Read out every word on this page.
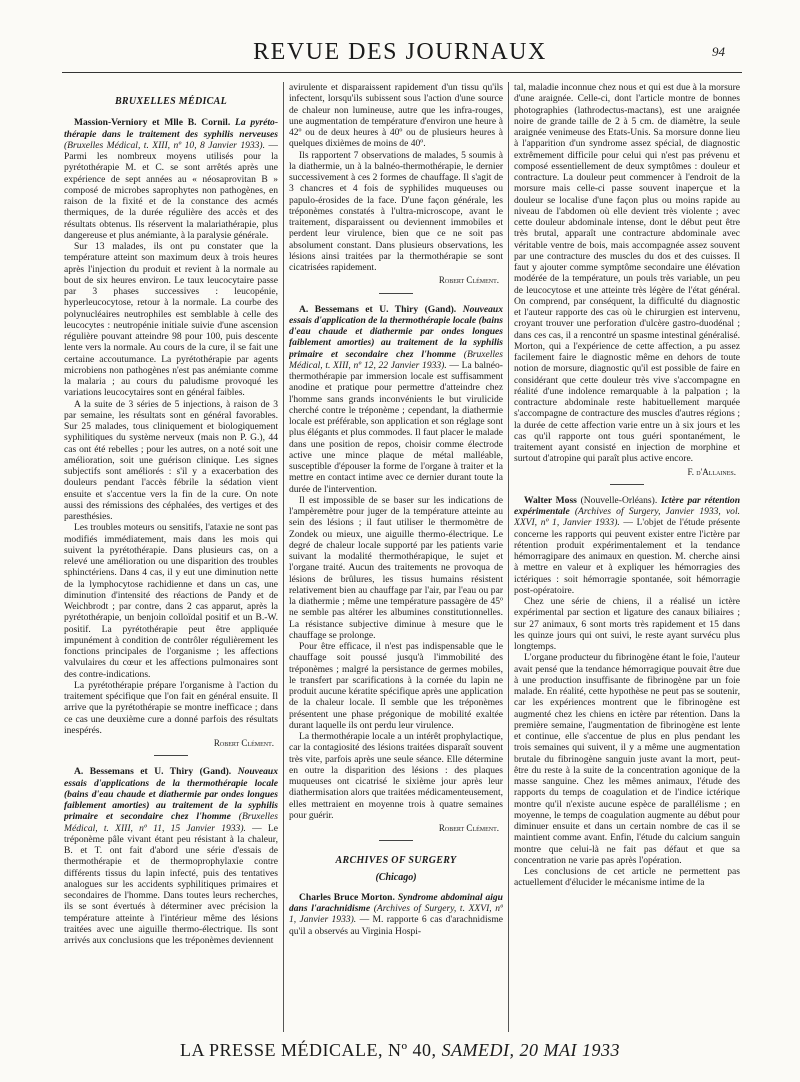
REVUE DES JOURNAUX	94
BRUXELLES MÉDICAL

Massion-Verniory et Mlle B. Cornil. La pyrétothérapie dans le traitement des syphilis nerveuses (Bruxelles Médical, t. XIII, nº 10, 8 Janvier 1933). — Parmi les nombreux moyens utilisés pour la pyrétothérapie M. et C. se sont arrêtés après une expérience de sept années au « néosaprovitan B » composé de microbes saprophytes non pathogènes, en raison de la fixité et de la constance des acmés thermiques, de la durée régulière des accès et des résultats obtenus. Ils réservent la malariathérapie, plus dangereuse et plus anémiante, à la paralysie générale.

Sur 13 malades, ils ont pu constater que la température atteint son maximum deux à trois heures après l'injection du produit et revient à la normale au bout de six heures environ. Le taux leucocytaire passe par 3 phases successives : leucopénie, hyperleucocytose, retour à la normale. La courbe des polynucléaires neutrophiles est semblable à celle des leucocytes : neutropénie initiale suivie d'une ascension régulière pouvant atteindre 98 pour 100, puis descente lente vers la normale. Au cours de la cure, il se fait une certaine accoutumance. La pyrétothérapie par agents microbiens non pathogènes n'est pas anémiante comme la malaria ; au cours du paludisme provoqué les variations leucocytaires sont en général faibles.

A la suite de 3 séries de 5 injections, à raison de 3 par semaine, les résultats sont en général favorables. Sur 25 malades, tous cliniquement et biologiquement syphilitiques du système nerveux (mais non P. G.), 44 cas ont été rebelles ; pour les autres, on a noté soit une amélioration, soit une guérison clinique. Les signes subjectifs sont améliorés : s'il y a exacerbation des douleurs pendant l'accès fébrile la sédation vient ensuite et s'accentue vers la fin de la cure. On note aussi des rémissions des céphalées, des vertiges et des paresthésies.

Les troubles moteurs ou sensitifs, l'ataxie ne sont pas modifiés immédiatement, mais dans les mois qui suivent la pyrétothérapie. Dans plusieurs cas, on a relevé une amélioration ou une disparition des troubles sphinctériens. Dans 4 cas, il y eut une diminution nette de la lymphocytose rachidienne et dans un cas, une diminution d'intensité des réactions de Pandy et de Weichbrodt ; par contre, dans 2 cas apparut, après la pyrétothérapie, un benjoin colloïdal positif et un B.-W. positif. La pyrétothérapie peut être appliquée impunément à condition de contrôler régulièrement les fonctions principales de l'organisme ; les affections valvulaires du cœur et les affections pulmonaires sont des contre-indications.

La pyrétothérapie prépare l'organisme à l'action du traitement spécifique que l'on fait en général ensuite. Il arrive que la pyrétothérapie se montre inefficace ; dans ce cas une deuxième cure a donné parfois des résultats inespérés.

Robert Clément.

A. Bessemans et U. Thiry (Gand). Nouveaux essais d'applications de la thermothérapie locale (bains d'eau chaude et diathermie par ondes longues faiblement amorties) au traitement de la syphilis primaire et secondaire chez l'homme (Bruxelles Médical, t. XIII, nº 11, 15 Janvier 1933). — Le tréponème pâle vivant étant peu résistant à la chaleur, B. et T. ont fait d'abord une série d'essais de thermothérapie et de thermoprophylaxie contre différents tissus du lapin infecté, puis des tentatives analogues sur les accidents syphilitiques primaires et secondaires de l'homme. Dans toutes leurs recherches, ils se sont évertués à déterminer avec précision la température atteinte à l'intérieur même des lésions traitées avec une aiguille thermo-électrique. Ils sont arrivés aux conclusions que les tréponèmes deviennent

avirulente et disparaissent rapidement d'un tissu qu'ils infectent, lorsqu'ils subissent sous l'action d'une source de chaleur non lumineuse, autre que les infra-rouges, une augmentation de température d'environ une heure à 42º ou de deux heures à 40º ou de plusieurs heures à quelques dixièmes de moins de 40º.

Ils rapportent 7 observations de malades, 5 soumis à la diathermie, un à la balnéo-thermothérapie, le dernier successivement à ces 2 formes de chauffage. Il s'agit de 3 chancres et 4 fois de syphilides muqueuses ou papulo-érosides de la face. D'une façon générale, les tréponèmes constatés à l'ultra-microscope, avant le traitement, disparaissent ou deviennent immobiles et perdent leur virulence, bien que ce ne soit pas absolument constant. Dans plusieurs observations, les lésions ainsi traitées par la thermothérapie se sont cicatrisées rapidement.

Robert Clément.

A. Bessemans et U. Thiry (Gand). Nouveaux essais d'application de la thermothérapie locale (bains d'eau chaude et diathermie par ondes longues faiblement amorties) au traitement de la syphilis primaire et secondaire chez l'homme (Bruxelles Médical, t. XIII, nº 12, 22 Janvier 1933). — La balnéo-thermothérapie par immersion locale est suffisamment anodine et pratique pour permettre d'atteindre chez l'homme sans grands inconvénients le but virulicide cherché contre le tréponème ; cependant, la diathermie locale est préférable, son application et son réglage sont plus élégants et plus commodes. Il faut placer le malade dans une position de repos, choisir comme électrode active une mince plaque de métal malléable, susceptible d'épouser la forme de l'organe à traiter et la mettre en contact intime avec ce dernier durant toute la durée de l'intervention.

Il est impossible de se baser sur les indications de l'ampèremètre pour juger de la température atteinte au sein des lésions ; il faut utiliser le thermomètre de Zondek ou mieux, une aiguille thermo-électrique. Le degré de chaleur locale supporté par les patients varie suivant la modalité thermothérapique, le sujet et l'organe traité. Aucun des traitements ne provoqua de lésions de brûlures, les tissus humains résistent relativement bien au chauffage par l'air, par l'eau ou par la diathermie ; même une température passagère de 45º ne semble pas altérer les albumines constitutionnelles. La résistance subjective diminue à mesure que le chauffage se prolonge.

Pour être efficace, il n'est pas indispensable que le chauffage soit poussé jusqu'à l'immobilité des tréponèmes ; malgré la persistance de germes mobiles, le transfert par scarifications à la cornée du lapin ne produit aucune kératite spécifique après une application de la chaleur locale. Il semble que les tréponèmes présentent une phase prégonique de mobilité exaltée durant laquelle ils ont perdu leur virulence.

La thermothérapie locale a un intérêt prophylactique, car la contagiosité des lésions traitées disparaît souvent très vite, parfois après une seule séance. Elle détermine en outre la disparition des lésions : des plaques muqueuses ont cicatrisé le sixième jour après leur diathermisation alors que traitées médicamenteusement, elles mettraient en moyenne trois à quatre semaines pour guérir.

Robert Clément.

ARCHIVES OF SURGERY
(Chicago)

Charles Bruce Morton. Syndrome abdominal aigu dans l'arachnidisme (Archives of Surgery, t. XXVI, nº 1, Janvier 1933). — M. rapporte 6 cas d'arachnidisme qu'il a observés au Virginia Hospi-

tal, maladie inconnue chez nous et qui est due à la morsure d'une araignée. Celle-ci, dont l'article montre de bonnes photographies (lathrodectus-mactans), est une araignée noire de grande taille de 2 à 5 cm. de diamètre, la seule araignée venimeuse des Etats-Unis. Sa morsure donne lieu à l'apparition d'un syndrome assez spécial, de diagnostic extrêmement difficile pour celui qui n'est pas prévenu et composé essentiellement de deux symptômes : douleur et contracture. La douleur peut commencer à l'endroit de la morsure mais celle-ci passe souvent inaperçue et la douleur se localise d'une façon plus ou moins rapide au niveau de l'abdomen où elle devient très violente ; avec cette douleur abdominale intense, dont le début peut être très brutal, apparaît une contracture abdominale avec véritable ventre de bois, mais accompagnée assez souvent par une contracture des muscles du dos et des cuisses. Il faut y ajouter comme symptôme secondaire une élévation modérée de la température, un pouls très variable, un peu de leucocytose et une atteinte très légère de l'état général. On comprend, par conséquent, la difficulté du diagnostic et l'auteur rapporte des cas où le chirurgien est intervenu, croyant trouver une perforation d'ulcère gastro-duodénal ; dans ces cas, il a rencontré un spasme intestinal généralisé. Morton, qui a l'expérience de cette affection, a pu assez facilement faire le diagnostic même en dehors de toute notion de morsure, diagnostic qu'il est possible de faire en considérant que cette douleur très vive s'accompagne en réalité d'une indolence remarquable à la palpation ; la contracture abdominale reste habituellement marquée s'accompagne de contracture des muscles d'autres régions ; la durée de cette affection varie entre un à six jours et les cas qu'il rapporte ont tous guéri spontanément, le traitement ayant consisté en injection de morphine et surtout d'atropine qui paraît plus active encore.

F. d'Allaines.

Walter Moss (Nouvelle-Orléans). Ictère par rétention expérimentale (Archives of Surgery, Janvier 1933, vol. XXVI, nº 1, Janvier 1933). — L'objet de l'étude présente concerne les rapports qui peuvent exister entre l'ictère par rétention produit expérimentalement et la tendance hémorragipare des animaux en question. M. cherche ainsi à mettre en valeur et à expliquer les hémorragies des ictériques : soit hémorragie spontanée, soit hémorragie post-opératoire.

Chez une série de chiens, il a réalisé un ictère expérimental par section et ligature des canaux biliaires ; sur 27 animaux, 6 sont morts très rapidement et 15 dans les quinze jours qui ont suivi, le reste ayant survécu plus longtemps.

L'organe producteur du fibrinogène étant le foie, l'auteur avait pensé que la tendance hémorragique pouvait être due à une production insuffisante de fibrinogène par un foie malade. En réalité, cette hypothèse ne peut pas se soutenir, car les expériences montrent que le fibrinogène est augmenté chez les chiens en ictère par rétention. Dans la première semaine, l'augmentation de fibrinogène est lente et continue, elle s'accentue de plus en plus pendant les trois semaines qui suivent, il y a même une augmentation brutale du fibrinogène sanguin juste avant la mort, peut-être du reste à la suite de la concentration agonique de la masse sanguine. Chez les mêmes animaux, l'étude des rapports du temps de coagulation et de l'indice ictérique montre qu'il n'existe aucune espèce de parallélisme ; en moyenne, le temps de coagulation augmente au début pour diminuer ensuite et dans un certain nombre de cas il se maintient comme avant. Enfin, l'étude du calcium sanguin montre que celui-là ne fait pas défaut et que sa concentration ne varie pas après l'opération.

Les conclusions de cet article ne permettent pas actuellement d'élucider le mécanisme intime de la

LA PRESSE MÉDICALE, Nº 40, SAMEDI, 20 MAI 1933
